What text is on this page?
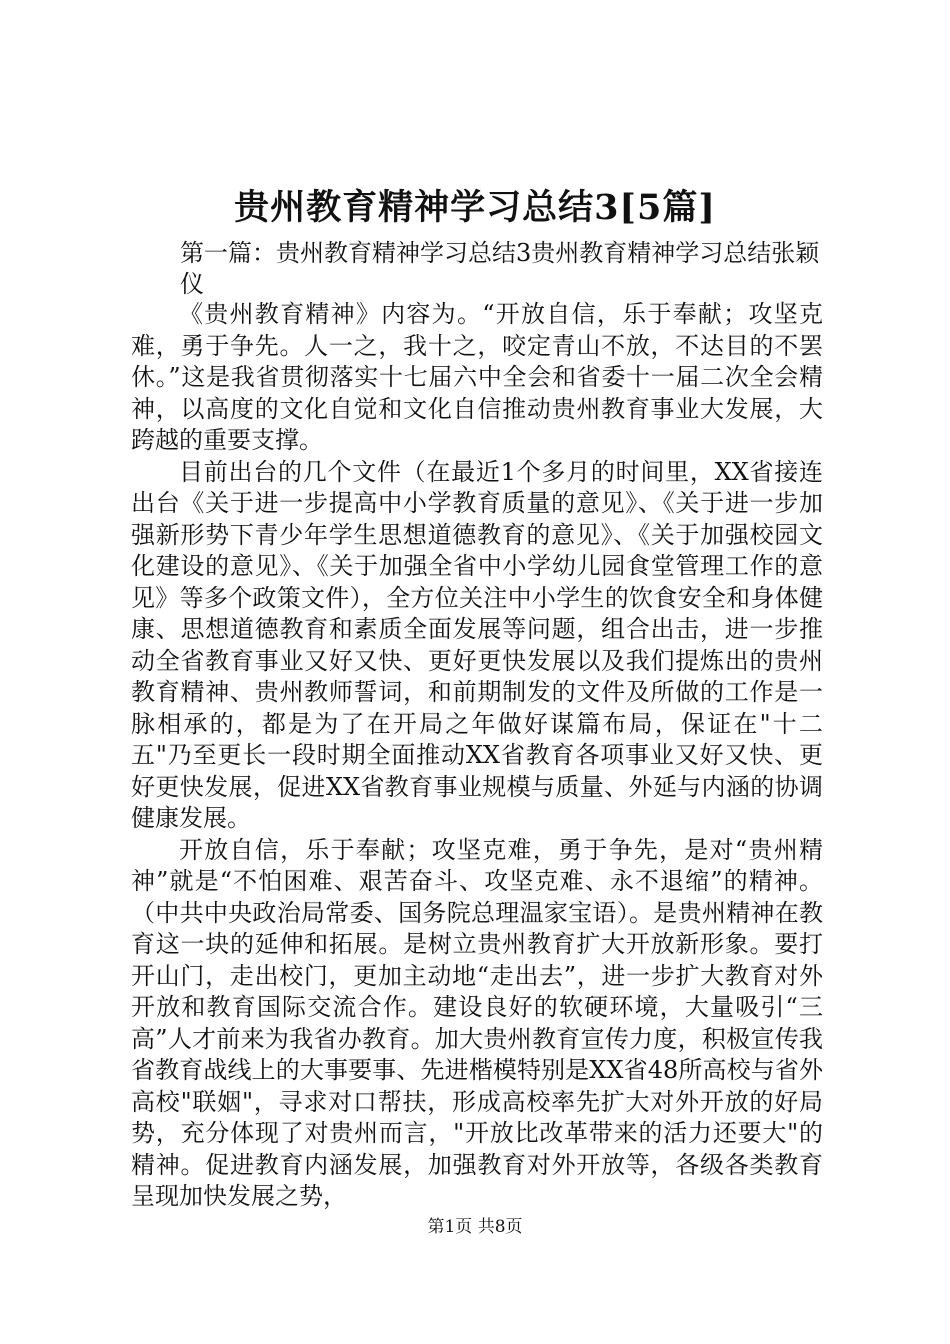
贵州教育精神学习总结3[5篇]

第一篇：贵州教育精神学习总结3贵州教育精神学习总结张颖仪

《贵州教育精神》内容为。“开放自信，乐于奉献；攻坚克难，勇于争先。人一之，我十之，咬定青山不放，不达目的不罢休。”这是我省贯彻落实十七届六中全会和省委十一届二次全会精神，以高度的文化自觉和文化自信推动贵州教育事业大发展，大跨越的重要支撑。

目前出台的几个文件（在最近1个多月的时间里，XX省接连出台《关于进一步提高中小学教育质量的意见》、《关于进一步加强新形势下青少年学生思想道德教育的意见》、《关于加强校园文化建设的意见》、《关于加强全省中小学幼儿园食堂管理工作的意见》等多个政策文件），全方位关注中小学生的饮食安全和身体健康、思想道德教育和素质全面发展等问题，组合出击，进一步推动全省教育事业又好又快、更好更快发展以及我们提炼出的贵州教育精神、贵州教师誓词，和前期制发的文件及所做的工作是一脉相承的，都是为了在开局之年做好谋篇布局，保证在"十二五"乃至更长一段时期全面推动XX省教育各项事业又好又快、更好更快发展，促进XX省教育事业规模与质量、外延与内涵的协调健康发展。

开放自信，乐于奉献；攻坚克难，勇于争先，是对“贵州精神”就是“不怕困难、艰苦奋斗、攻坚克难、永不退缩”的精神。（中共中央政治局常委、国务院总理温家宝语）。是贵州精神在教育这一块的延伸和拓展。是树立贵州教育扩大开放新形象。要打开山门，走出校门，更加主动地“走出去”，进一步扩大教育对外开放和教育国际交流合作。建设良好的软硬环境，大量吸引“三高”人才前来为我省办教育。加大贵州教育宣传力度，积极宣传我省教育战线上的大事要事、先进楷模特别是XX省48所高校与省外高校"联姻"，寻求对口帮扶，形成高校率先扩大对外开放的好局势，充分体现了对贵州而言，"开放比改革带来的活力还要大"的精神。促进教育内涵发展，加强教育对外开放等，各级各类教育呈现加快发展之势，

第1页 共8页
